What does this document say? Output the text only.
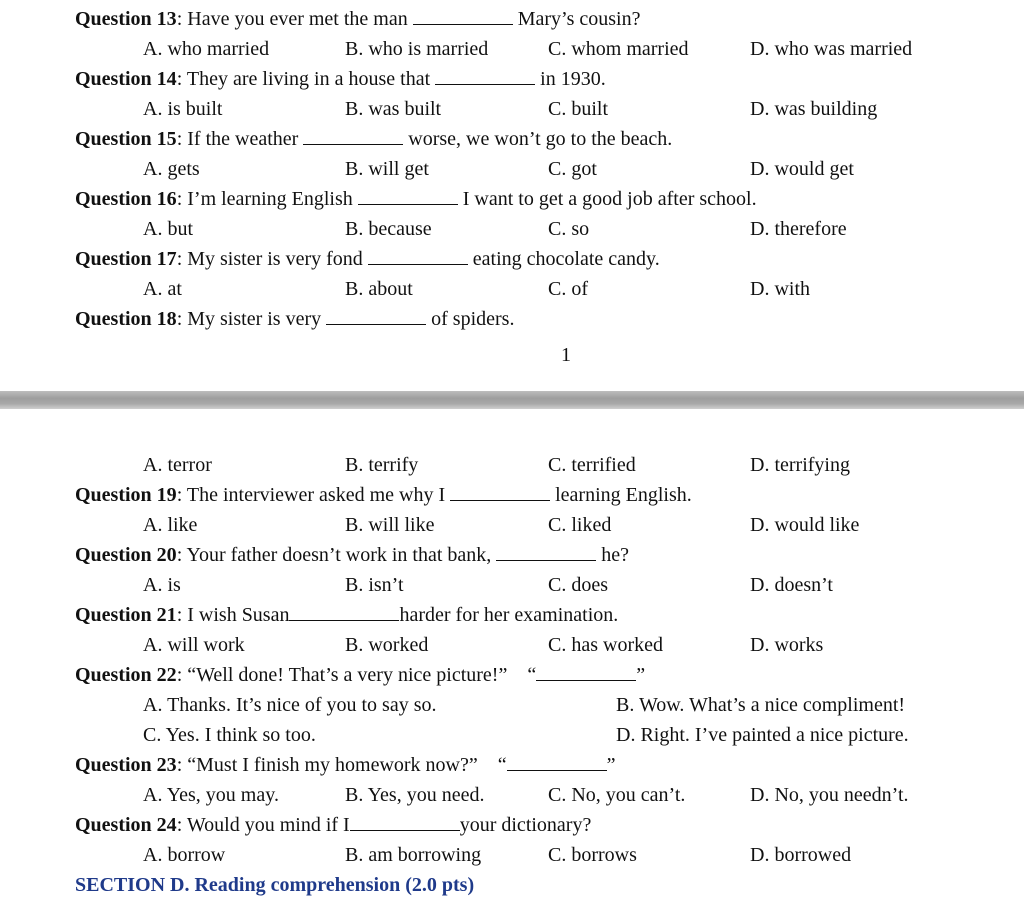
Question 13: Have you ever met the man	Mary’s cousin?
A. who married	B. who is married	C. whom married	D. who was married
Question 14: They are living in a house that	in 1930.
A. is built	B. was built	C. built	D. was building
Question 15: If the weather	worse, we won’t go to the beach.
A. gets	B. will get	C. got	D. would get
Question 16: I’m learning English	I want to get a good job after school.
A. but	B. because	C. so	D. therefore
Question 17: My sister is very fond	eating chocolate candy.
A. at	B. about	C. of	D. with
Question 18: My sister is very	of spiders.
1
A. terror	B. terrify	C. terrified	D. terrifying
Question 19: The interviewer asked me why I	learning English.
A. like	B. will like	C. liked	D. would like
Question 20: Your father doesn’t work in that bank,	he?
A. is	B. isn’t	C. does	D. doesn’t
Question 21: I wish Susan	harder for her examination.
A. will work	B. worked	C. has worked	D. works
Question 22: “Well done! That’s a very nice picture!”    “	”
A. Thanks. It’s nice of you to say so.	B. Wow. What’s a nice compliment!
C. Yes. I think so too.	D. Right. I’ve painted a nice picture.
Question 23: “Must I finish my homework now?”    “	”
A. Yes, you may.	B. Yes, you need.	C. No, you can’t.	D. No, you needn’t.
Question 24: Would you mind if I	your dictionary?
A. borrow	B. am borrowing	C. borrows	D. borrowed
SECTION D. Reading comprehension (2.0 pts)
